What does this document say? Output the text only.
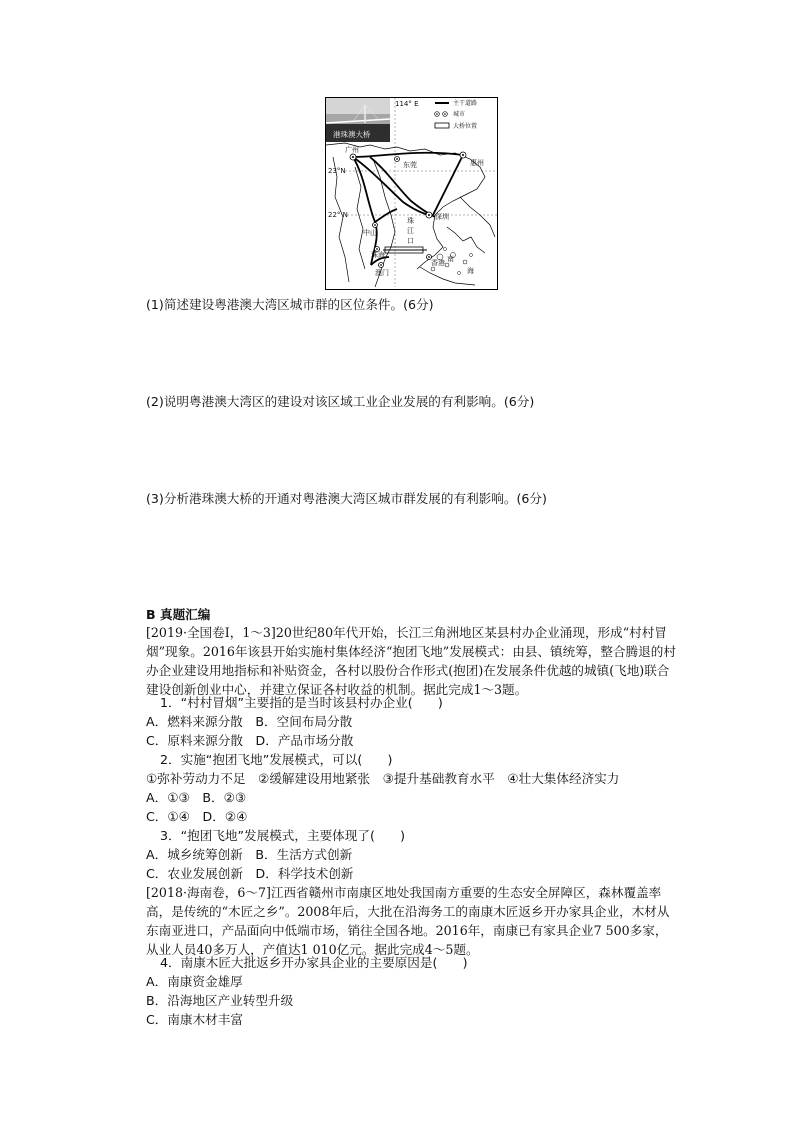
港珠澳大桥
114° E	主干道路
城市
大桥位置
23°N
22° N
广州
东莞	惠州
深圳
中山
珠海
澳门
香港
珠
江
口
南
海
(1)简述建设粤港澳大湾区城市群的区位条件。(6分)
(2)说明粤港澳大湾区的建设对该区域工业企业发展的有利影响。(6分)
(3)分析港珠澳大桥的开通对粤港澳大湾区城市群发展的有利影响。(6分)
B 真题汇编
[2019·全国卷Ⅰ，1～3]20世纪80年代开始，长江三角洲地区某县村办企业涌现，形成“村村冒烟”现象。2016年该县开始实施村集体经济“抱团飞地”发展模式：由县、镇统筹，整合腾退的村办企业建设用地指标和补贴资金，各村以股份合作形式(抱团)在发展条件优越的城镇(飞地)联合建设创新创业中心，并建立保证各村收益的机制。据此完成1～3题。
1．“村村冒烟”主要指的是当时该县村办企业(　　)
A．燃料来源分散　B．空间布局分散
C．原料来源分散　D．产品市场分散
2．实施“抱团飞地”发展模式，可以(　　)
①弥补劳动力不足　②缓解建设用地紧张　③提升基础教育水平　④壮大集体经济实力
A．①③　B．②③
C．①④　D．②④
3．“抱团飞地”发展模式，主要体现了(　　)
A．城乡统筹创新　B．生活方式创新
C．农业发展创新　D．科学技术创新
[2018·海南卷，6～7]江西省赣州市南康区地处我国南方重要的生态安全屏障区，森林覆盖率高，是传统的“木匠之乡”。2008年后，大批在沿海务工的南康木匠返乡开办家具企业，木材从东南亚进口，产品面向中低端市场，销往全国各地。2016年，南康已有家具企业7 500多家，从业人员40多万人，产值达1 010亿元。据此完成4～5题。
4．南康木匠大批返乡开办家具企业的主要原因是(　　)
A．南康资金雄厚
B．沿海地区产业转型升级
C．南康木材丰富
